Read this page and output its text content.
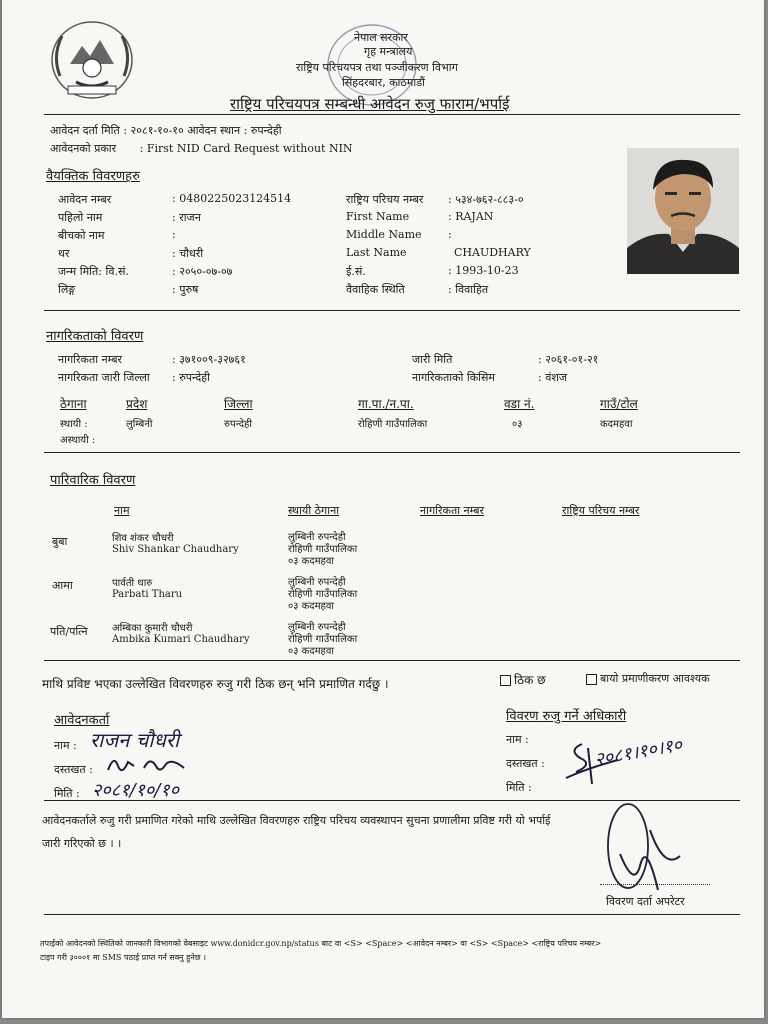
नेपाल सरकार
गृह मन्त्रालय
राष्ट्रिय परिचयपत्र तथा पञ्जीकरण विभाग
सिंहदरबार, काठमाडौं
राष्ट्रिय परिचयपत्र सम्बन्धी आवेदन रुजु फाराम/भर्पाई
आवेदन दर्ता मिति : २०८१-१०-१० आवेदन स्थान : रुपन्देही
आवेदनको प्रकार : First NID Card Request without NIN
वैयक्तिक विवरणहरु
आवेदन नम्बर	: 0480225023124514
पहिलो नाम	: राजन
बीचको नाम	:
थर	: चौधरी
जन्म मिति: वि.सं.	: २०५०-०७-०७
लिङ्ग	: पुरुष
राष्ट्रिय परिचय नम्बर : ५३४-७६२-८८३-०
First Name	: RAJAN
Middle Name :
Last Name	CHAUDHARY
ई.सं.	: 1993-10-23
वैवाहिक स्थिति	: विवाहित
नागरिकताको विवरण
नागरिकता नम्बर	: ३७१००९-३२७६१
नागरिकता जारी जिल्ला : रुपन्देही
जारी मिति	: २०६१-०१-२१
नागरिकताको किसिम	: वंशज
ठेगाना	प्रदेश	जिल्ला	गा.पा./न.पा.	वडा नं.	गाउँ/टोल
स्थायी :	लुम्बिनी	रुपन्देही	रोहिणी गाउँपालिका	०३	कदमहवा
अस्थायी :
पारिवारिक विवरण
नाम	स्थायी ठेगाना	नागरिकता नम्बर	राष्ट्रिय परिचय नम्बर
बुबा	शिव शंकर चौधरी
Shiv Shankar Chaudhary
लुम्बिनी रुपन्देही
रोहिणी गाउँपालिका
०३ कदमहवा
आमा	पार्वती थारु
Parbati Tharu
लुम्बिनी रुपन्देही
रोहिणी गाउँपालिका
०३ कदमहवा
पति/पत्नि अम्बिका कुमारी चौधरी
Ambika Kumari Chaudhary
लुम्बिनी रुपन्देही
रोहिणी गाउँपालिका
०३ कदमहवा
माथि प्रविष्ट भएका उल्लेखित विवरणहरु रुजु गरी ठिक छन् भनि प्रमाणित गर्दछु ।	ठिक छ	बायो प्रमाणीकरण आवश्यक
आवेदनकर्ता
नाम : राजन चौधरी
दस्तखत :
मिति : २०८१/१०/१०
विवरण रुजु गर्ने अधिकारी
नाम :
दस्तखत :
मिति :
२०८१।१०।१०
आवेदनकर्ताले रुजु गरी प्रमाणित गरेको माथि उल्लेखित विवरणहरु राष्ट्रिय परिचय व्यवस्थापन सुचना प्रणालीमा प्रविष्ट गरी यो भर्पाई
जारी गरिएको छ । ।
विवरण दर्ता अपरेटर
तपाईंको आवेदनको स्थितिको जानकारी विभागको वेबसाइट www.donidcr.gov.np/status बाट वा <S> <Space> <आवेदन नम्बर> वा <S> <Space> <राष्ट्रिय परिचय नम्बर>
टाइप गरी ३०००१ मा SMS पठाई प्राप्त गर्न सक्नु हुनेछ ।
